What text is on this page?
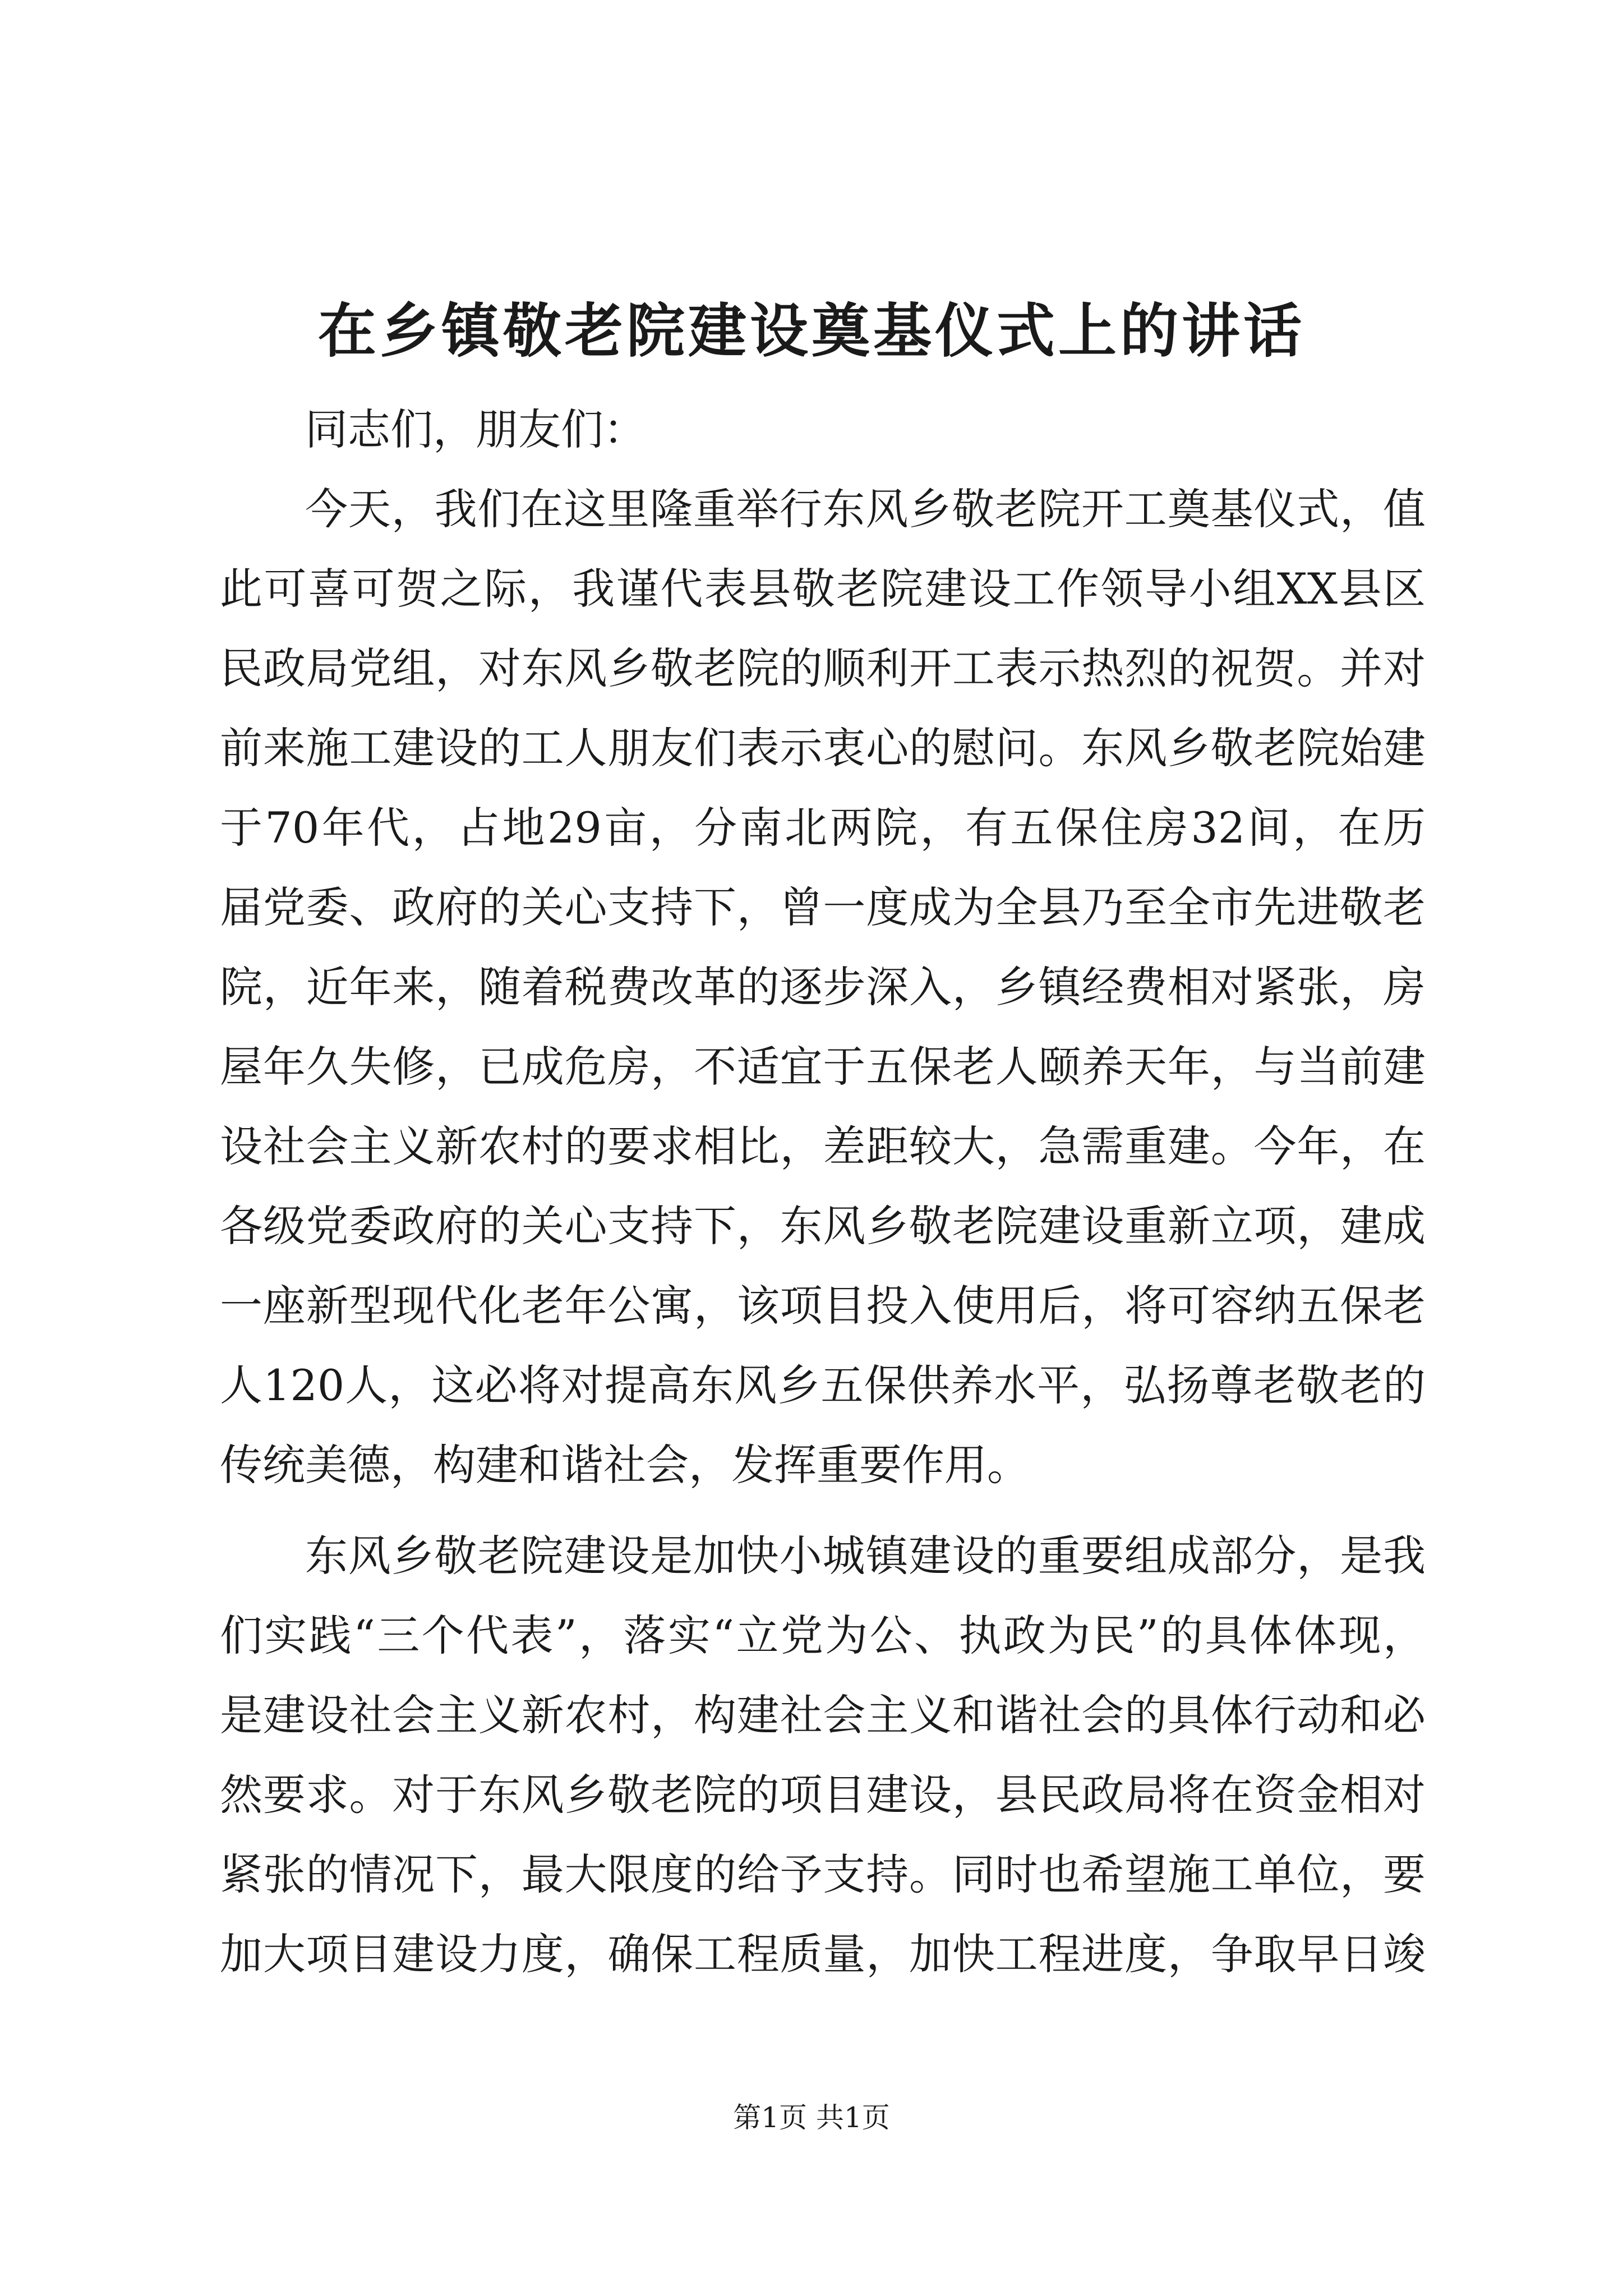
在乡镇敬老院建设奠基仪式上的讲话
同志们，朋友们：
今天，我们在这里隆重举行东风乡敬老院开工奠基仪式，值
此可喜可贺之际，我谨代表县敬老院建设工作领导小组XX县区
民政局党组，对东风乡敬老院的顺利开工表示热烈的祝贺。并对
前来施工建设的工人朋友们表示衷心的慰问。东风乡敬老院始建
于70年代，占地29亩，分南北两院，有五保住房32间，在历
届党委、政府的关心支持下，曾一度成为全县乃至全市先进敬老
院，近年来，随着税费改革的逐步深入，乡镇经费相对紧张，房
屋年久失修，已成危房，不适宜于五保老人颐养天年，与当前建
设社会主义新农村的要求相比，差距较大，急需重建。今年，在
各级党委政府的关心支持下，东风乡敬老院建设重新立项，建成
一座新型现代化老年公寓，该项目投入使用后，将可容纳五保老
人120人，这必将对提高东风乡五保供养水平，弘扬尊老敬老的
传统美德，构建和谐社会，发挥重要作用。
东风乡敬老院建设是加快小城镇建设的重要组成部分，是我
们实践“三个代表”，落实“立党为公、执政为民”的具体体现，
是建设社会主义新农村，构建社会主义和谐社会的具体行动和必
然要求。对于东风乡敬老院的项目建设，县民政局将在资金相对
紧张的情况下，最大限度的给予支持。同时也希望施工单位，要
加大项目建设力度，确保工程质量，加快工程进度，争取早日竣
第1页 共1页
